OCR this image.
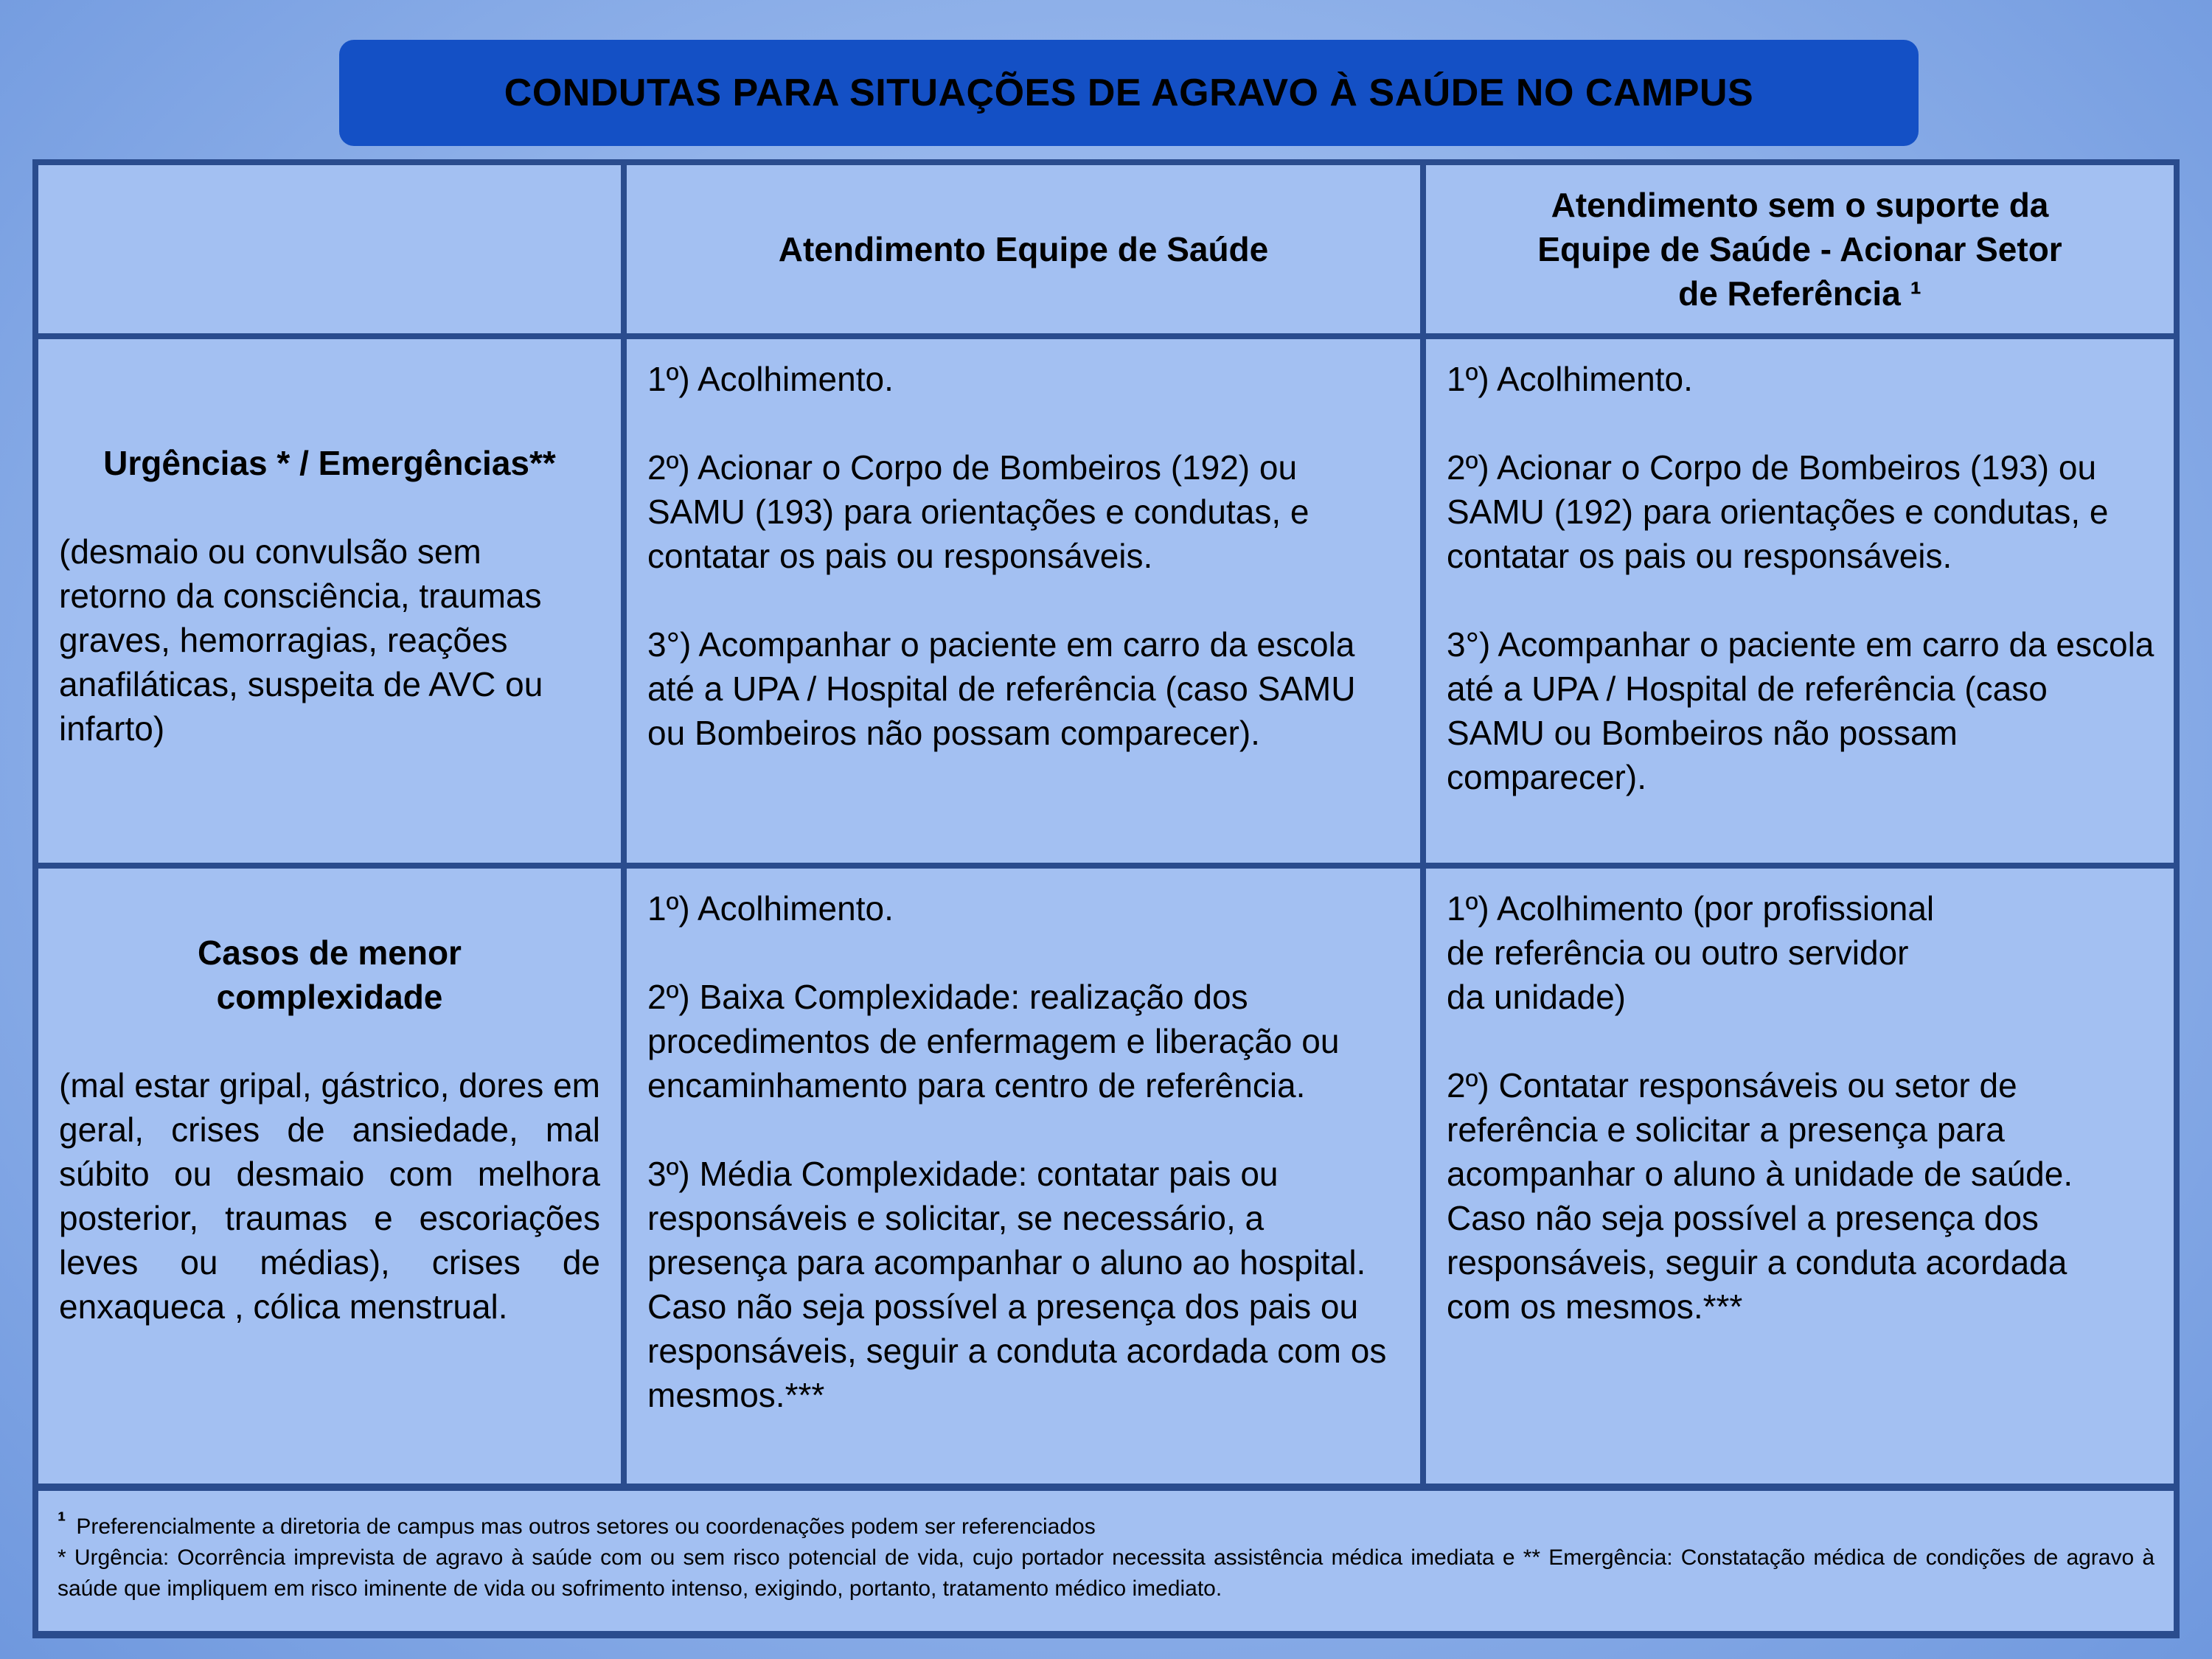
CONDUTAS PARA SITUAÇÕES DE AGRAVO À SAÚDE NO CAMPUS
Atendimento Equipe de Saúde
Atendimento sem o suporte da
Equipe de Saúde - Acionar Setor
de Referência ¹
Urgências * / Emergências**
(desmaio ou convulsão sem retorno da consciência, traumas graves, hemorragias, reações anafiláticas, suspeita de AVC ou infarto)

1º) Acolhimento.

2º) Acionar o Corpo de Bombeiros (192) ou SAMU (193) para orientações e condutas, e contatar os pais ou responsáveis.

3°) Acompanhar o paciente em carro da escola até a UPA / Hospital de referência (caso SAMU ou Bombeiros não possam comparecer).

1º) Acolhimento.

2º) Acionar o Corpo de Bombeiros (193) ou SAMU (192) para orientações e condutas, e contatar os pais ou responsáveis.

3°) Acompanhar o paciente em carro da escola até a UPA / Hospital de referência (caso SAMU ou Bombeiros não possam comparecer).

Casos de menor complexidade
(mal estar gripal, gástrico, dores em geral, crises de ansiedade, mal súbito ou desmaio com melhora posterior, traumas e escoriações leves ou médias), crises de enxaqueca , cólica menstrual.

1º) Acolhimento.

2º) Baixa Complexidade: realização dos procedimentos de enfermagem e liberação ou encaminhamento para centro de referência.

3º) Média Complexidade: contatar pais ou responsáveis e solicitar, se necessário, a presença para acompanhar o aluno ao hospital. Caso não seja possível a presença dos pais ou responsáveis, seguir a conduta acordada com os mesmos.***

1º) Acolhimento (por profissional de referência ou outro servidor da unidade)

2º) Contatar responsáveis ou setor de referência e solicitar a presença para acompanhar o aluno à unidade de saúde. Caso não seja possível a presença dos responsáveis, seguir a conduta acordada com os mesmos.***

$^{^1}$ Preferencialmente a diretoria de campus mas outros setores ou coordenações podem ser referenciados

* Urgência: Ocorrência imprevista de agravo à saúde com ou sem risco potencial de vida, cujo portador necessita assistência médica imediata e ** Emergência: Constatação médica de condições de agravo à saúde que impliquem em risco iminente de vida ou sofrimento intenso, exigindo, portanto, tratamento médico imediato.
